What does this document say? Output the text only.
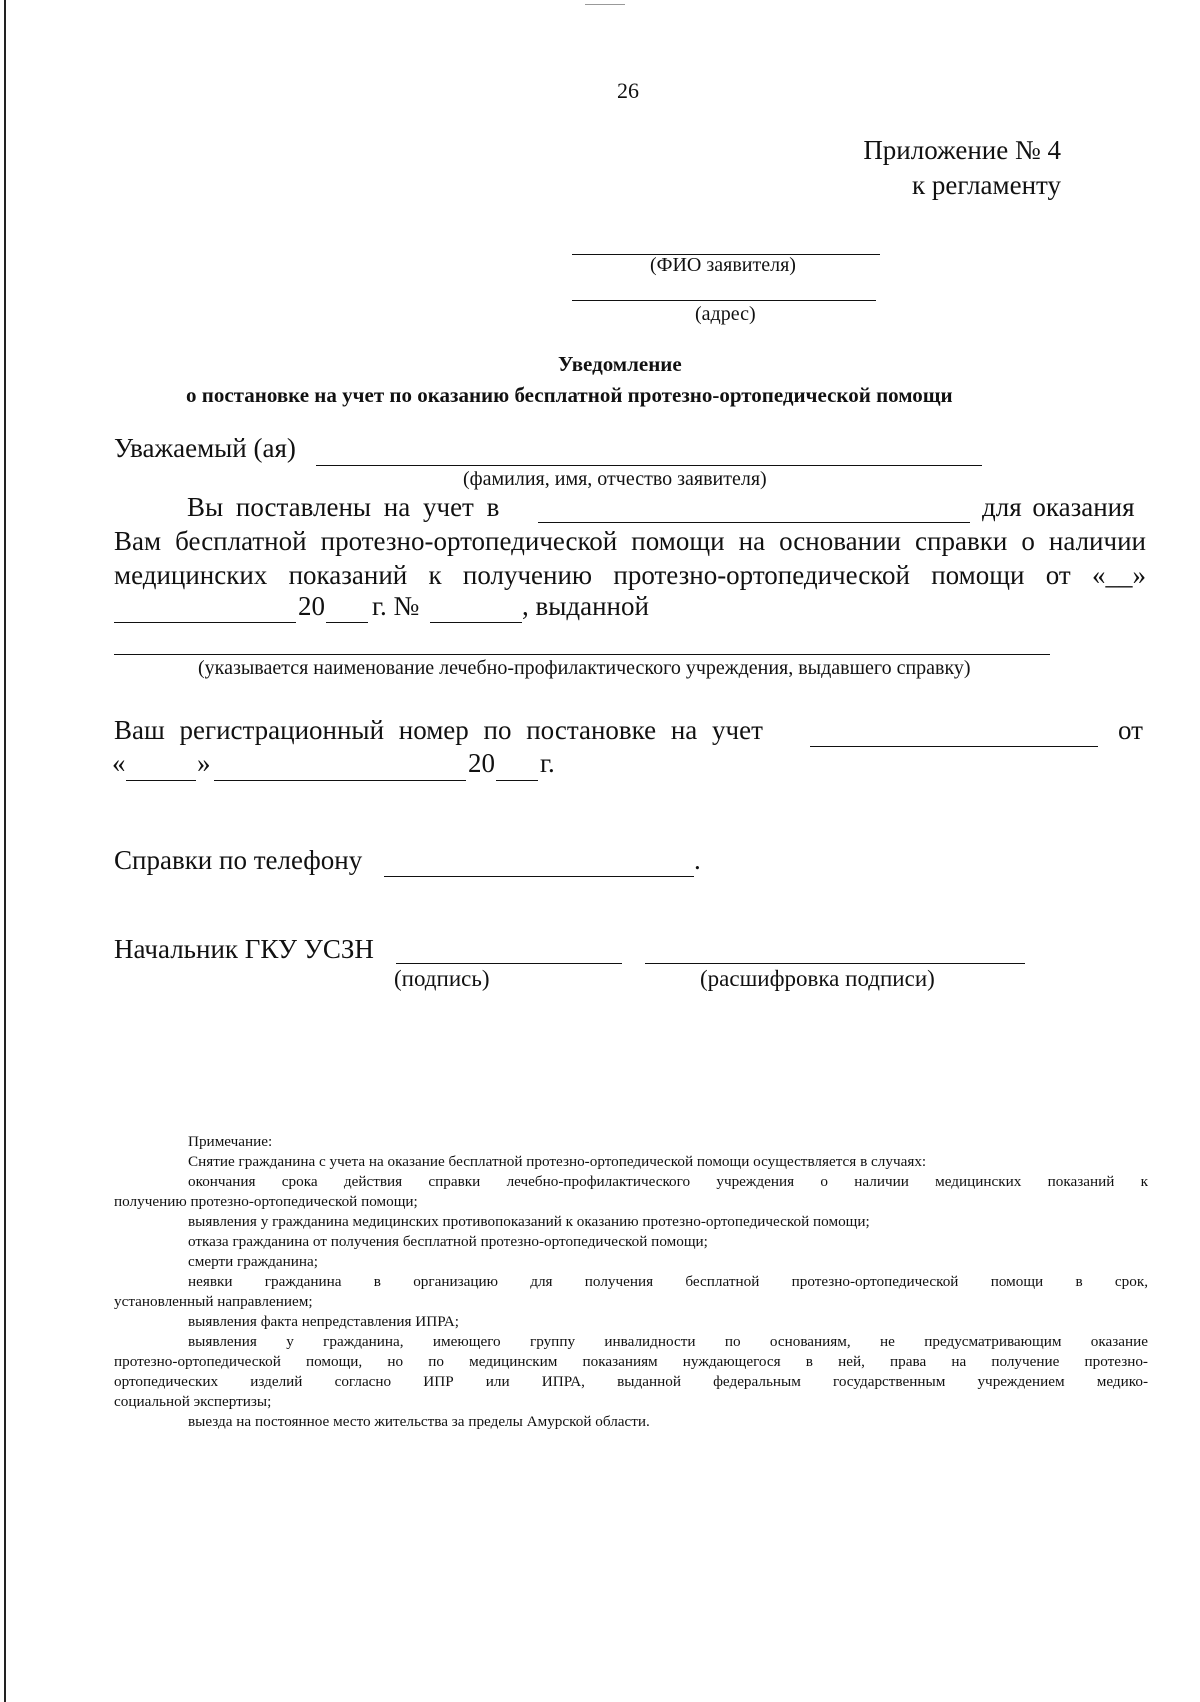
26
Приложение № 4
к регламенту
(ФИО заявителя)
(адрес)
Уведомление
о постановке на учет по оказанию бесплатной протезно-ортопедической помощи
Уважаемый (ая)
(фамилия, имя, отчество заявителя)
Вы поставлены на учет в	для оказания
Вам бесплатной протезно-ортопедической помощи на основании справки о наличии
медицинских показаний к получению протезно-ортопедической помощи от «__»
20 г. №	, выданной
(указывается наименование лечебно-профилактического учреждения, выдавшего справку)
Ваш регистрационный номер по постановке на учет	от
«	»	20 г.
Справки по телефону	.
Начальник ГКУ УСЗН
(подпись)	(расшифровка подписи)
Примечание:
Снятие гражданина с учета на оказание бесплатной протезно-ортопедической помощи осуществляется в случаях:
окончания срока действия справки лечебно-профилактического учреждения о наличии медицинских показаний к
получению протезно-ортопедической помощи;
выявления у гражданина медицинских противопоказаний к оказанию протезно-ортопедической помощи;
отказа гражданина от получения бесплатной протезно-ортопедической помощи;
смерти гражданина;
неявки гражданина в организацию для получения бесплатной протезно-ортопедической помощи в срок,
установленный направлением;
выявления факта непредставления ИПРА;
выявления у гражданина, имеющего группу инвалидности по основаниям, не предусматривающим оказание
протезно-ортопедической помощи, но по медицинским показаниям нуждающегося в ней, права на получение протезно-
ортопедических изделий согласно ИПР или ИПРА, выданной федеральным государственным учреждением медико-
социальной экспертизы;
выезда на постоянное место жительства за пределы Амурской области.
